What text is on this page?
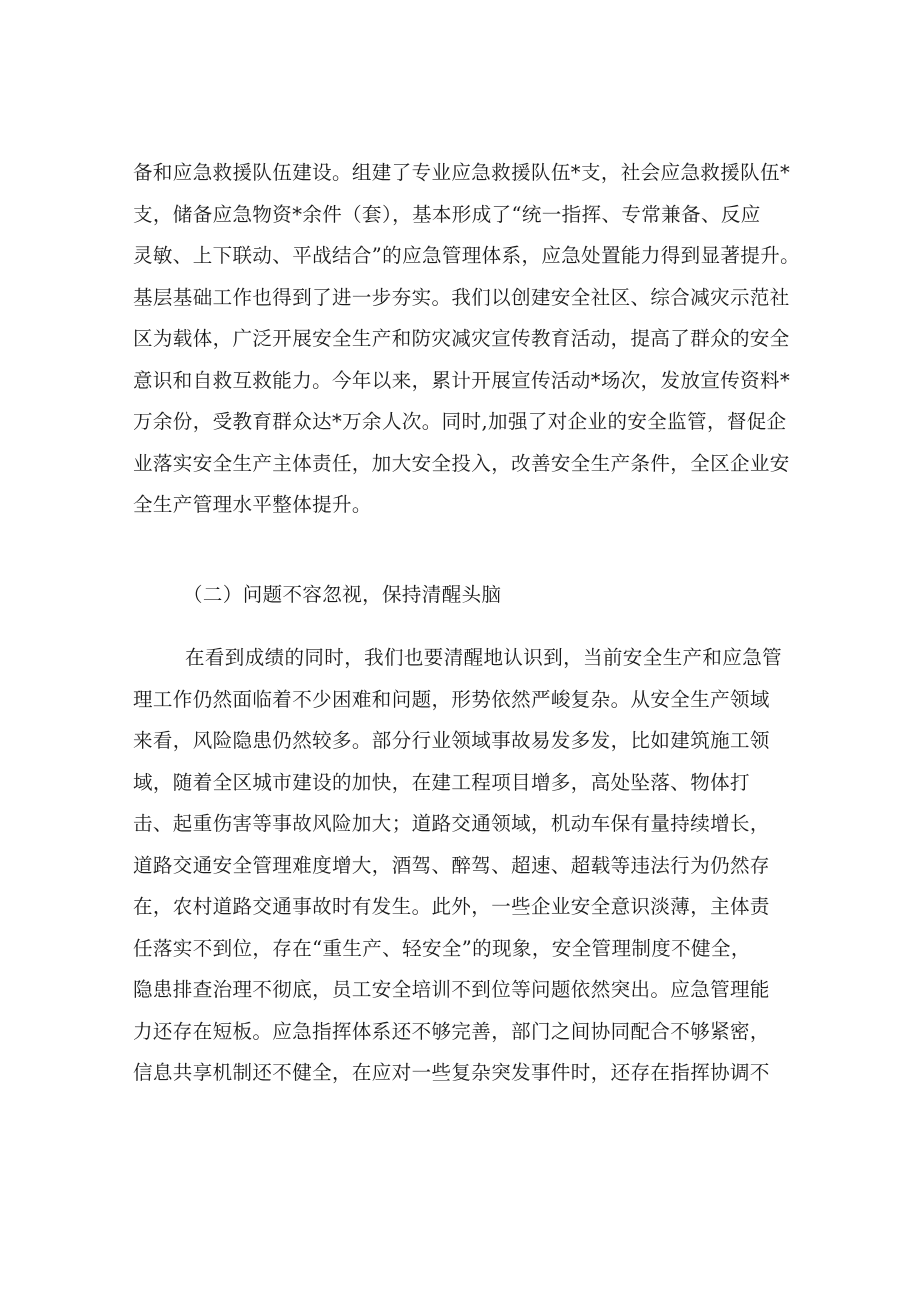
备和应急救援队伍建设。组建了专业应急救援队伍*支，社会应急救援队伍*
支，储备应急物资*余件（套），基本形成了“统一指挥、专常兼备、反应
灵敏、上下联动、平战结合”的应急管理体系，应急处置能力得到显著提升。
基层基础工作也得到了进一步夯实。我们以创建安全社区、综合减灾示范社
区为载体，广泛开展安全生产和防灾减灾宣传教育活动，提高了群众的安全
意识和自救互救能力。今年以来，累计开展宣传活动*场次，发放宣传资料*
万余份，受教育群众达*万余人次。同时,加强了对企业的安全监管，督促企
业落实安全生产主体责任，加大安全投入，改善安全生产条件，全区企业安
全生产管理水平整体提升。
（二）问题不容忽视，保持清醒头脑
在看到成绩的同时，我们也要清醒地认识到，当前安全生产和应急管
理工作仍然面临着不少困难和问题，形势依然严峻复杂。从安全生产领域
来看，风险隐患仍然较多。部分行业领域事故易发多发，比如建筑施工领
域，随着全区城市建设的加快，在建工程项目增多，高处坠落、物体打
击、起重伤害等事故风险加大；道路交通领域，机动车保有量持续增长，
道路交通安全管理难度增大，酒驾、醉驾、超速、超载等违法行为仍然存
在，农村道路交通事故时有发生。此外，一些企业安全意识淡薄，主体责
任落实不到位，存在“重生产、轻安全”的现象，安全管理制度不健全，
隐患排查治理不彻底，员工安全培训不到位等问题依然突出。应急管理能
力还存在短板。应急指挥体系还不够完善，部门之间协同配合不够紧密，
信息共享机制还不健全，在应对一些复杂突发事件时，还存在指挥协调不
